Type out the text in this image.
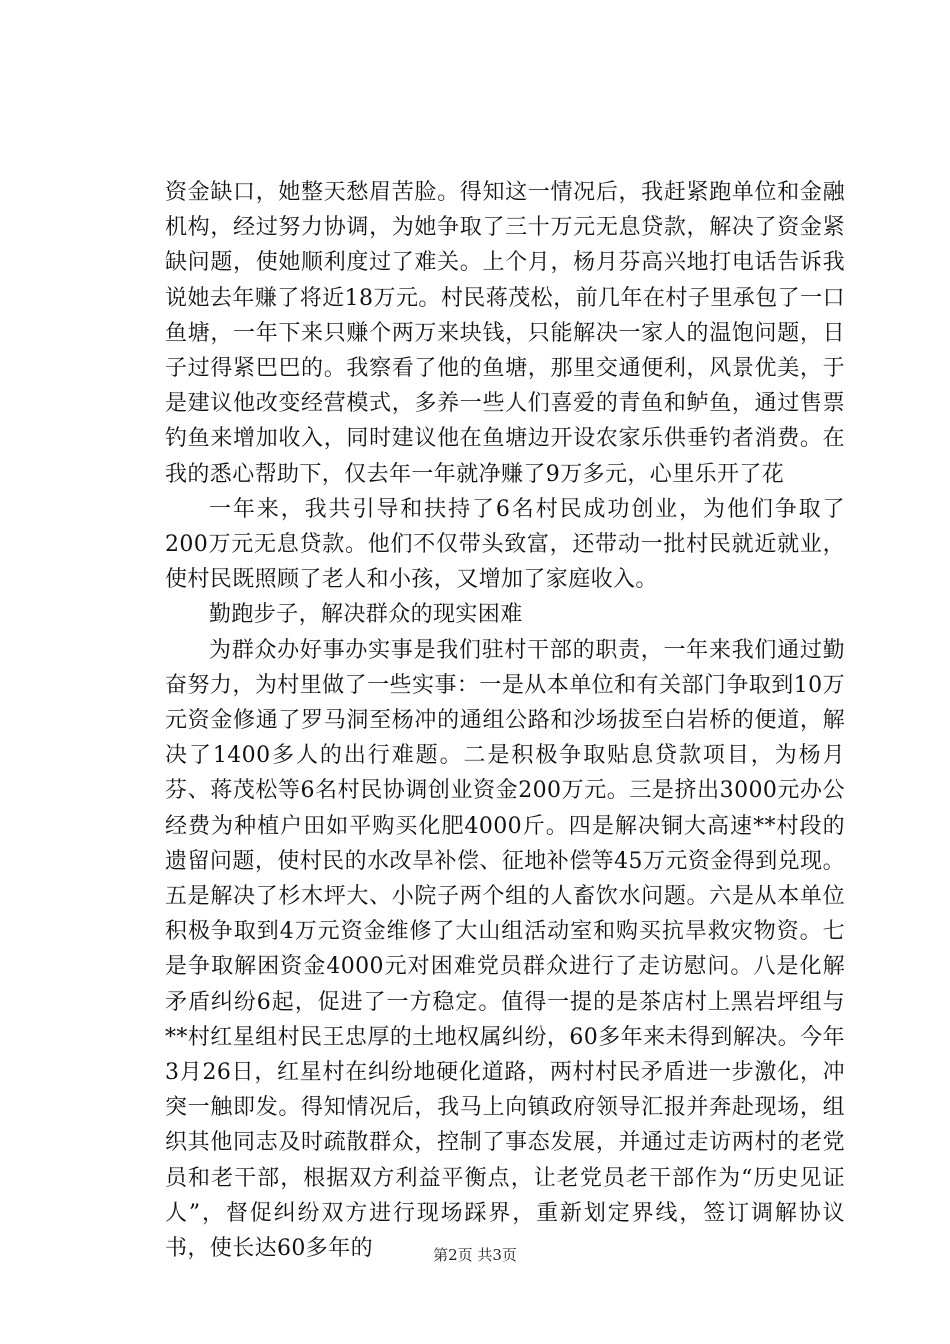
资金缺口，她整天愁眉苦脸。得知这一情况后，我赶紧跑单位和金融机构，经过努力协调，为她争取了三十万元无息贷款，解决了资金紧缺问题，使她顺利度过了难关。上个月，杨月芬高兴地打电话告诉我说她去年赚了将近18万元。村民蒋茂松，前几年在村子里承包了一口鱼塘，一年下来只赚个两万来块钱，只能解决一家人的温饱问题，日子过得紧巴巴的。我察看了他的鱼塘，那里交通便利，风景优美，于是建议他改变经营模式，多养一些人们喜爱的青鱼和鲈鱼，通过售票钓鱼来增加收入，同时建议他在鱼塘边开设农家乐供垂钓者消费。在我的悉心帮助下，仅去年一年就净赚了9万多元，心里乐开了花

一年来，我共引导和扶持了6名村民成功创业，为他们争取了200万元无息贷款。他们不仅带头致富，还带动一批村民就近就业，使村民既照顾了老人和小孩，又增加了家庭收入。

勤跑步子，解决群众的现实困难

为群众办好事办实事是我们驻村干部的职责，一年来我们通过勤奋努力，为村里做了一些实事：一是从本单位和有关部门争取到10万元资金修通了罗马洞至杨冲的通组公路和沙场拔至白岩桥的便道，解决了1400多人的出行难题。二是积极争取贴息贷款项目，为杨月芬、蒋茂松等6名村民协调创业资金200万元。三是挤出3000元办公经费为种植户田如平购买化肥4000斤。四是解决铜大高速**村段的遗留问题，使村民的水改旱补偿、征地补偿等45万元资金得到兑现。五是解决了杉木坪大、小院子两个组的人畜饮水问题。六是从本单位积极争取到4万元资金维修了大山组活动室和购买抗旱救灾物资。七是争取解困资金4000元对困难党员群众进行了走访慰问。八是化解矛盾纠纷6起，促进了一方稳定。值得一提的是茶店村上黑岩坪组与**村红星组村民王忠厚的土地权属纠纷，60多年来未得到解决。今年3月26日，红星村在纠纷地硬化道路，两村村民矛盾进一步激化，冲突一触即发。得知情况后，我马上向镇政府领导汇报并奔赴现场，组织其他同志及时疏散群众，控制了事态发展，并通过走访两村的老党员和老干部，根据双方利益平衡点，让老党员老干部作为“历史见证人”，督促纠纷双方进行现场踩界，重新划定界线，签订调解协议书，使长达60多年的	第2页 共3页
